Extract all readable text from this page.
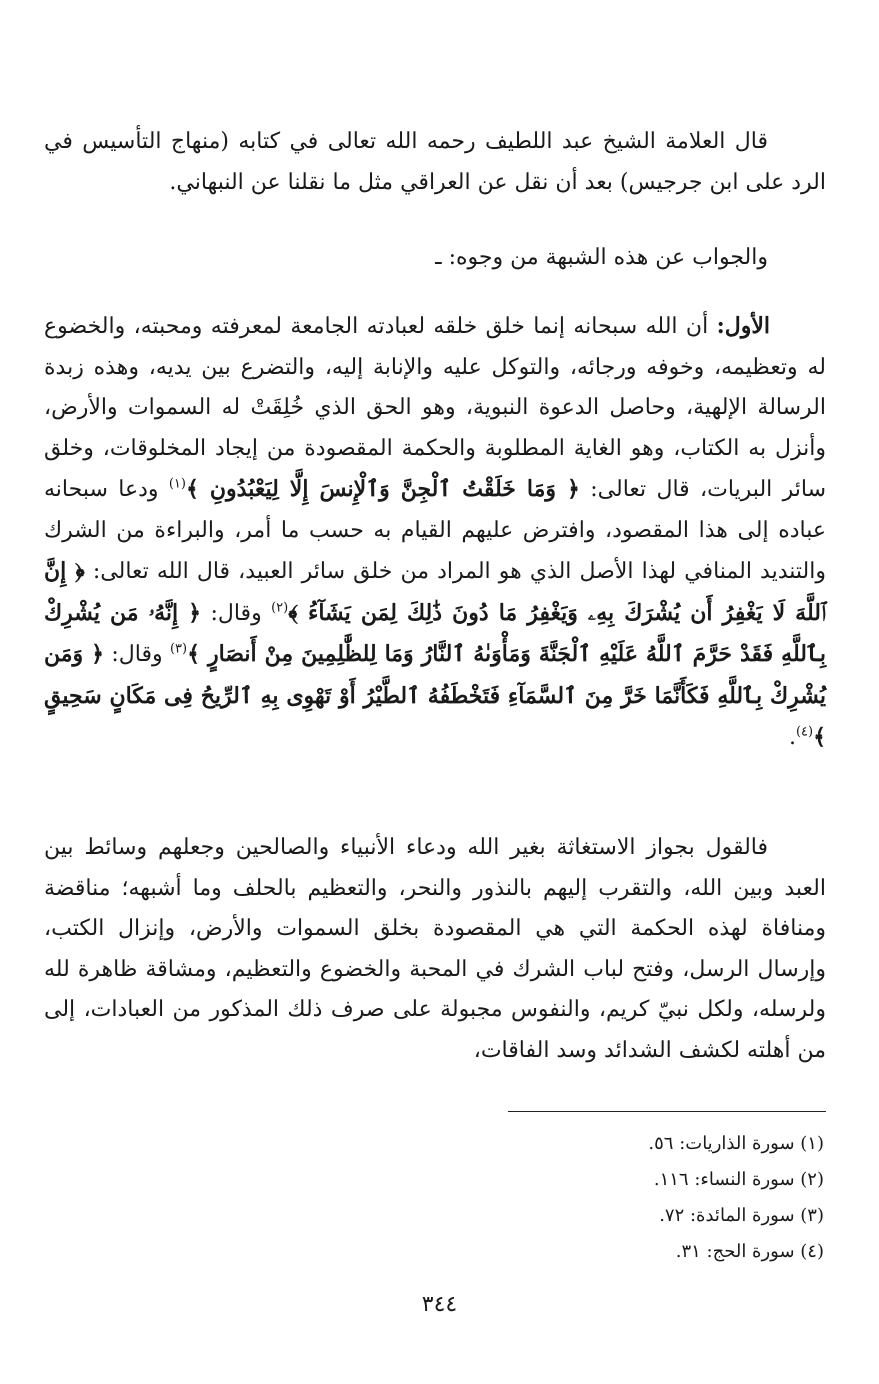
قال العلامة الشيخ عبد اللطيف رحمه الله تعالى في كتابه (منهاج التأسيس في الرد على ابن جرجيس) بعد أن نقل عن العراقي مثل ما نقلنا عن النبهاني.

والجواب عن هذه الشبهة من وجوه: ـ

الأول: أن الله سبحانه إنما خلق خلقه لعبادته الجامعة لمعرفته ومحبته، والخضوع له وتعظيمه، وخوفه ورجائه، والتوكل عليه والإنابة إليه، والتضرع بين يديه، وهذه زبدة الرسالة الإلهية، وحاصل الدعوة النبوية، وهو الحق الذي خُلِقَتْ له السموات والأرض، وأنزل به الكتاب، وهو الغاية المطلوبة والحكمة المقصودة من إيجاد المخلوقات، وخلق سائر البريات، قال تعالى: ﴿ وَمَا خَلَقْتُ ٱلْجِنَّ وَٱلْإِنسَ إِلَّا لِيَعْبُدُونِ ﴾$^{(١)}$ ودعا سبحانه عباده إلى هذا المقصود، وافترض عليهم القيام به حسب ما أمر، والبراءة من الشرك والتنديد المنافي لهذا الأصل الذي هو المراد من خلق سائر العبيد، قال الله تعالى: ﴿ إِنَّ ٱللَّهَ لَا يَغْفِرُ أَن يُشْرَكَ بِهِۦ وَيَغْفِرُ مَا دُونَ ذَٰلِكَ لِمَن يَشَآءُ ﴾$^{(٢)}$ وقال: ﴿ إِنَّهُۥ مَن يُشْرِكْ بِٱللَّهِ فَقَدْ حَرَّمَ ٱللَّهُ عَلَيْهِ ٱلْجَنَّةَ وَمَأْوَىٰهُ ٱلنَّارُ وَمَا لِلظَّٰلِمِينَ مِنْ أَنصَارٍ ﴾$^{(٣)}$ وقال: ﴿ وَمَن يُشْرِكْ بِٱللَّهِ فَكَأَنَّمَا خَرَّ مِنَ ٱلسَّمَآءِ فَتَخْطَفُهُ ٱلطَّيْرُ أَوْ تَهْوِى بِهِ ٱلرِّيحُ فِى مَكَانٍ سَحِيقٍ ﴾$^{(٤)}$.

فالقول بجواز الاستغاثة بغير الله ودعاء الأنبياء والصالحين وجعلهم وسائط بين العبد وبين الله، والتقرب إليهم بالنذور والنحر، والتعظيم بالحلف وما أشبهه؛ مناقضة ومنافاة لهذه الحكمة التي هي المقصودة بخلق السموات والأرض، وإنزال الكتب، وإرسال الرسل، وفتح لباب الشرك في المحبة والخضوع والتعظيم، ومشاقة ظاهرة لله ولرسله، ولكل نبيّ كريم، والنفوس مجبولة على صرف ذلك المذكور من العبادات، إلى من أهلته لكشف الشدائد وسد الفاقات،

(١) سورة الذاريات: ٥٦.
(٢) سورة النساء: ١١٦.
(٣) سورة المائدة: ٧٢.
(٤) سورة الحج: ٣١.
٣٤٤
